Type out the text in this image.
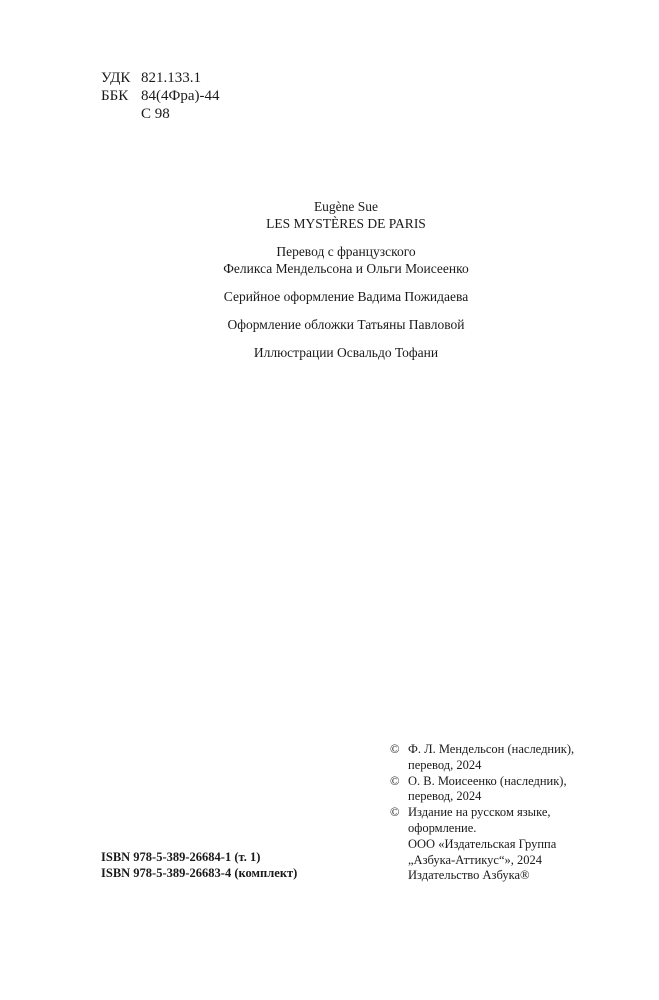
УДК 821.133.1
ББК 84(4Фра)-44
С 98
Eugène Sue
LES MYSTÈRES DE PARIS
Перевод с французского
Феликса Мендельсона и Ольги Моисеенко
Серийное оформление Вадима Пожидаева
Оформление обложки Татьяны Павловой
Иллюстрации Освальдо Тофани
© Ф. Л. Мендельсон (наследник),
перевод, 2024
© О. В. Моисеенко (наследник),
перевод, 2024
© Издание на русском языке,
оформление.
ООО «Издательская Группа
„Азбука-Аттикус“», 2024
Издательство Азбука®
ISBN 978-5-389-26684-1 (т. 1)
ISBN 978-5-389-26683-4 (комплект)
